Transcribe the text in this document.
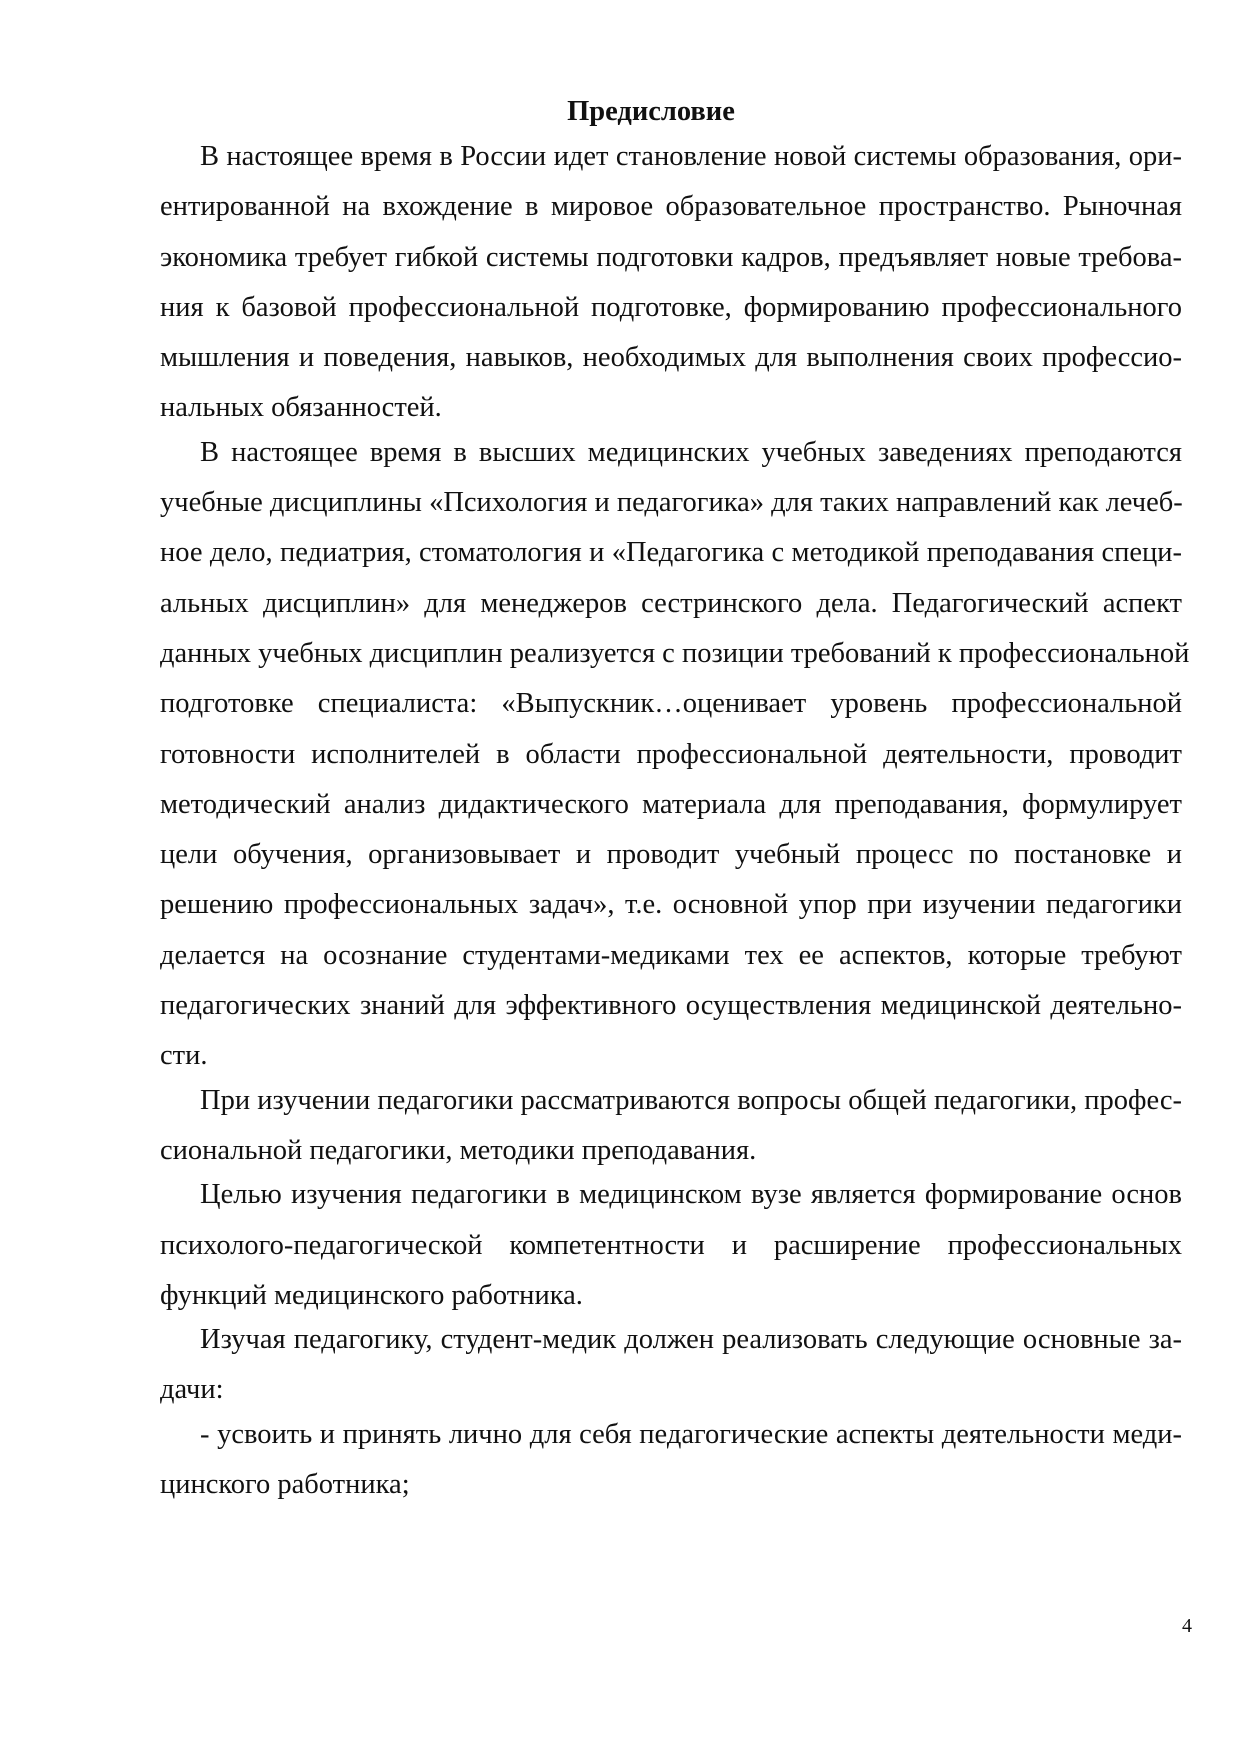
Предисловие

В настоящее время в России идет становление новой системы образования, ори-
ентированной на вхождение в мировое образовательное пространство. Рыночная
экономика требует гибкой системы подготовки кадров, предъявляет новые требова-
ния к базовой профессиональной подготовке, формированию профессионального
мышления и поведения, навыков, необходимых для выполнения своих профессио-
нальных обязанностей.
В настоящее время в высших медицинских учебных заведениях преподаются
учебные дисциплины «Психология и педагогика» для таких направлений как лечеб-
ное дело, педиатрия, стоматология и «Педагогика с методикой преподавания специ-
альных дисциплин» для менеджеров сестринского дела. Педагогический аспект
данных учебных дисциплин реализуется с позиции требований к профессиональной
подготовке специалиста: «Выпускник…оценивает уровень профессиональной
готовности исполнителей в области профессиональной деятельности, проводит
методический анализ дидактического материала для преподавания, формулирует
цели обучения, организовывает и проводит учебный процесс по постановке и
решению профессиональных задач», т.е. основной упор при изучении педагогики
делается на осознание студентами-медиками тех ее аспектов, которые требуют
педагогических знаний для эффективного осуществления медицинской деятельно-
сти.
При изучении педагогики рассматриваются вопросы общей педагогики, профес-
сиональной педагогики, методики преподавания.
Целью изучения педагогики в медицинском вузе является формирование основ
психолого-педагогической компетентности и расширение профессиональных
функций медицинского работника.
Изучая педагогику, студент-медик должен реализовать следующие основные за-
дачи:
- усвоить и принять лично для себя педагогические аспекты деятельности меди-
цинского работника;
4
